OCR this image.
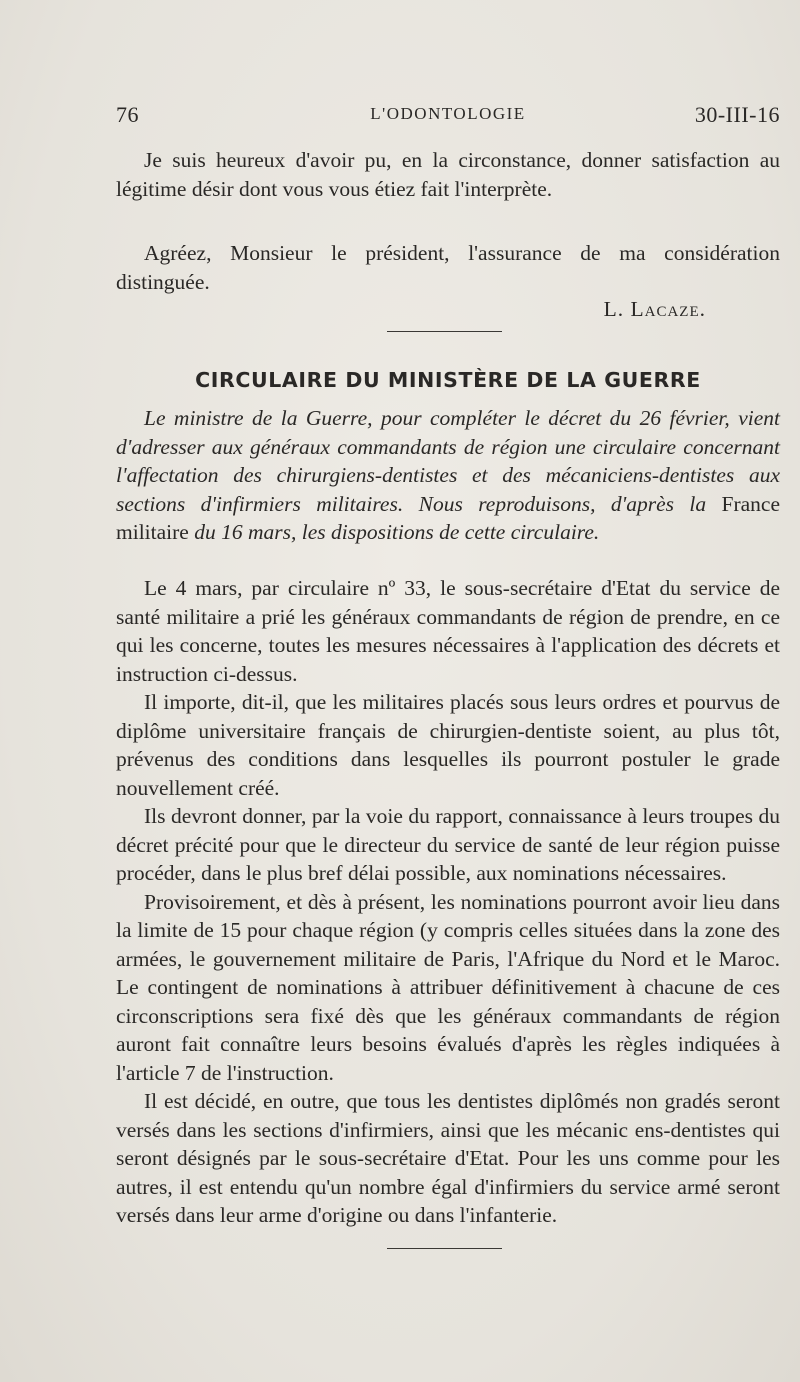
76	L'ODONTOLOGIE	30-III-16

Je suis heureux d'avoir pu, en la circonstance, donner satisfaction au légitime désir dont vous vous étiez fait l'interprète.

Agréez, Monsieur le président, l'assurance de ma considération distinguée.

L. Lacaze.
CIRCULAIRE DU MINISTÈRE DE LA GUERRE

Le ministre de la Guerre, pour compléter le décret du 26 février, vient d'adresser aux généraux commandants de région une circulaire concernant l'affectation des chirurgiens-dentistes et des mécaniciens-dentistes aux sections d'infirmiers militaires. Nous reproduisons, d'après la France militaire du 16 mars, les dispositions de cette circulaire.

Le 4 mars, par circulaire nº 33, le sous-secrétaire d'Etat du service de santé militaire a prié les généraux commandants de région de prendre, en ce qui les concerne, toutes les mesures nécessaires à l'application des décrets et instruction ci-dessus.

Il importe, dit-il, que les militaires placés sous leurs ordres et pourvus de diplôme universitaire français de chirurgien-dentiste soient, au plus tôt, prévenus des conditions dans lesquelles ils pourront postuler le grade nouvellement créé.

Ils devront donner, par la voie du rapport, connaissance à leurs troupes du décret précité pour que le directeur du service de santé de leur région puisse procéder, dans le plus bref délai possible, aux nominations nécessaires.

Provisoirement, et dès à présent, les nominations pourront avoir lieu dans la limite de 15 pour chaque région (y compris celles situées dans la zone des armées, le gouvernement militaire de Paris, l'Afrique du Nord et le Maroc. Le contingent de nominations à attribuer définitivement à chacune de ces circonscriptions sera fixé dès que les généraux commandants de région auront fait connaître leurs besoins évalués d'après les règles indiquées à l'article 7 de l'instruction.

Il est décidé, en outre, que tous les dentistes diplômés non gradés seront versés dans les sections d'infirmiers, ainsi que les mécanic ens-dentistes qui seront désignés par le sous-secrétaire d'Etat. Pour les uns comme pour les autres, il est entendu qu'un nombre égal d'infirmiers du service armé seront versés dans leur arme d'origine ou dans l'infanterie.
